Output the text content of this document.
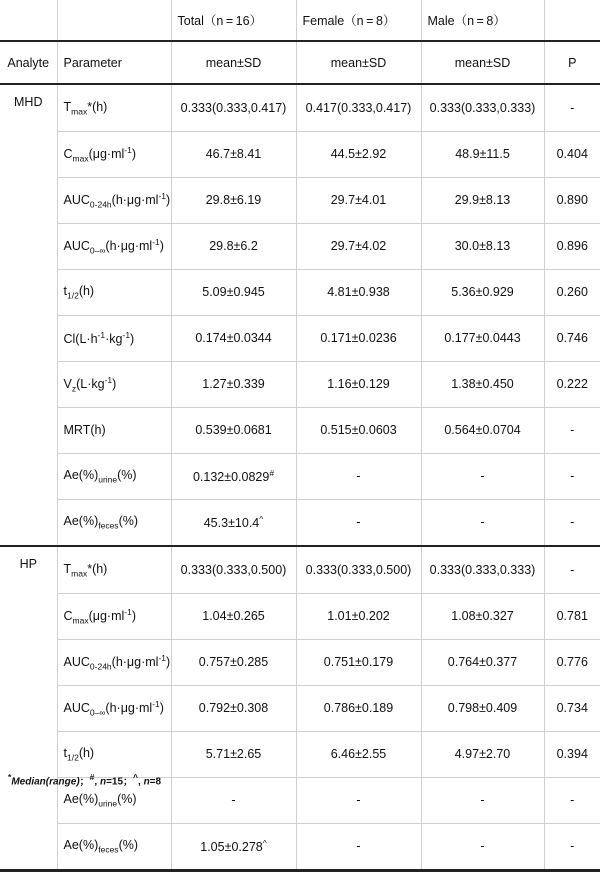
		Total（n = 16）	Female（n = 8）	Male（n = 8）	
Analyte	Parameter	mean±SD	mean±SD	mean±SD	P
MHD	$T_{max}*(h)$	0.333(0.333,0.417)	0.417(0.333,0.417)	0.333(0.333,0.333)	-
	$C_{max}(\mu g\cdot ml^{-1})$	46.7±8.41	44.5±2.92	48.9±11.5	0.404
	$AUC_{0-24h}(h\cdot\mu g\cdot ml^{-1})$	29.8±6.19	29.7±4.01	29.9±8.13	0.890
	$AUC_{0-\infty}(h\cdot\mu g\cdot ml^{-1})$	29.8±6.2	29.7±4.02	30.0±8.13	0.896
	$t_{1/2}(h)$	5.09±0.945	4.81±0.938	5.36±0.929	0.260
	$Cl(L\cdot h^{-1}\cdot kg^{-1})$	0.174±0.0344	0.171±0.0236	0.177±0.0443	0.746
	$V_z(L\cdot kg^{-1})$	1.27±0.339	1.16±0.129	1.38±0.450	0.222
	MRT(h)	0.539±0.0681	0.515±0.0603	0.564±0.0704	-
	$Ae(\%)_{urine}(\%)$	0.132±0.0829#	-	-	-
	$Ae(\%)_{feces}(\%)$	45.3±10.4^	-	-	-
HP	$T_{max}*(h)$	0.333(0.333,0.500)	0.333(0.333,0.500)	0.333(0.333,0.333)	-
	$C_{max}(\mu g\cdot ml^{-1})$	1.04±0.265	1.01±0.202	1.08±0.327	0.781
	$AUC_{0-24h}(h\cdot\mu g\cdot ml^{-1})$	0.757±0.285	0.751±0.179	0.764±0.377	0.776
	$AUC_{0-\infty}(h\cdot\mu g\cdot ml^{-1})$	0.792±0.308	0.786±0.189	0.798±0.409	0.734
	$t_{1/2}(h)$	5.71±2.65	6.46±2.55	4.97±2.70	0.394
	$Ae(\%)_{urine}(\%)$	-	-	-	-
	$Ae(\%)_{feces}(\%)$	1.05±0.278^	-	-	-
*Median(range)；#, n=15；^, n=8
